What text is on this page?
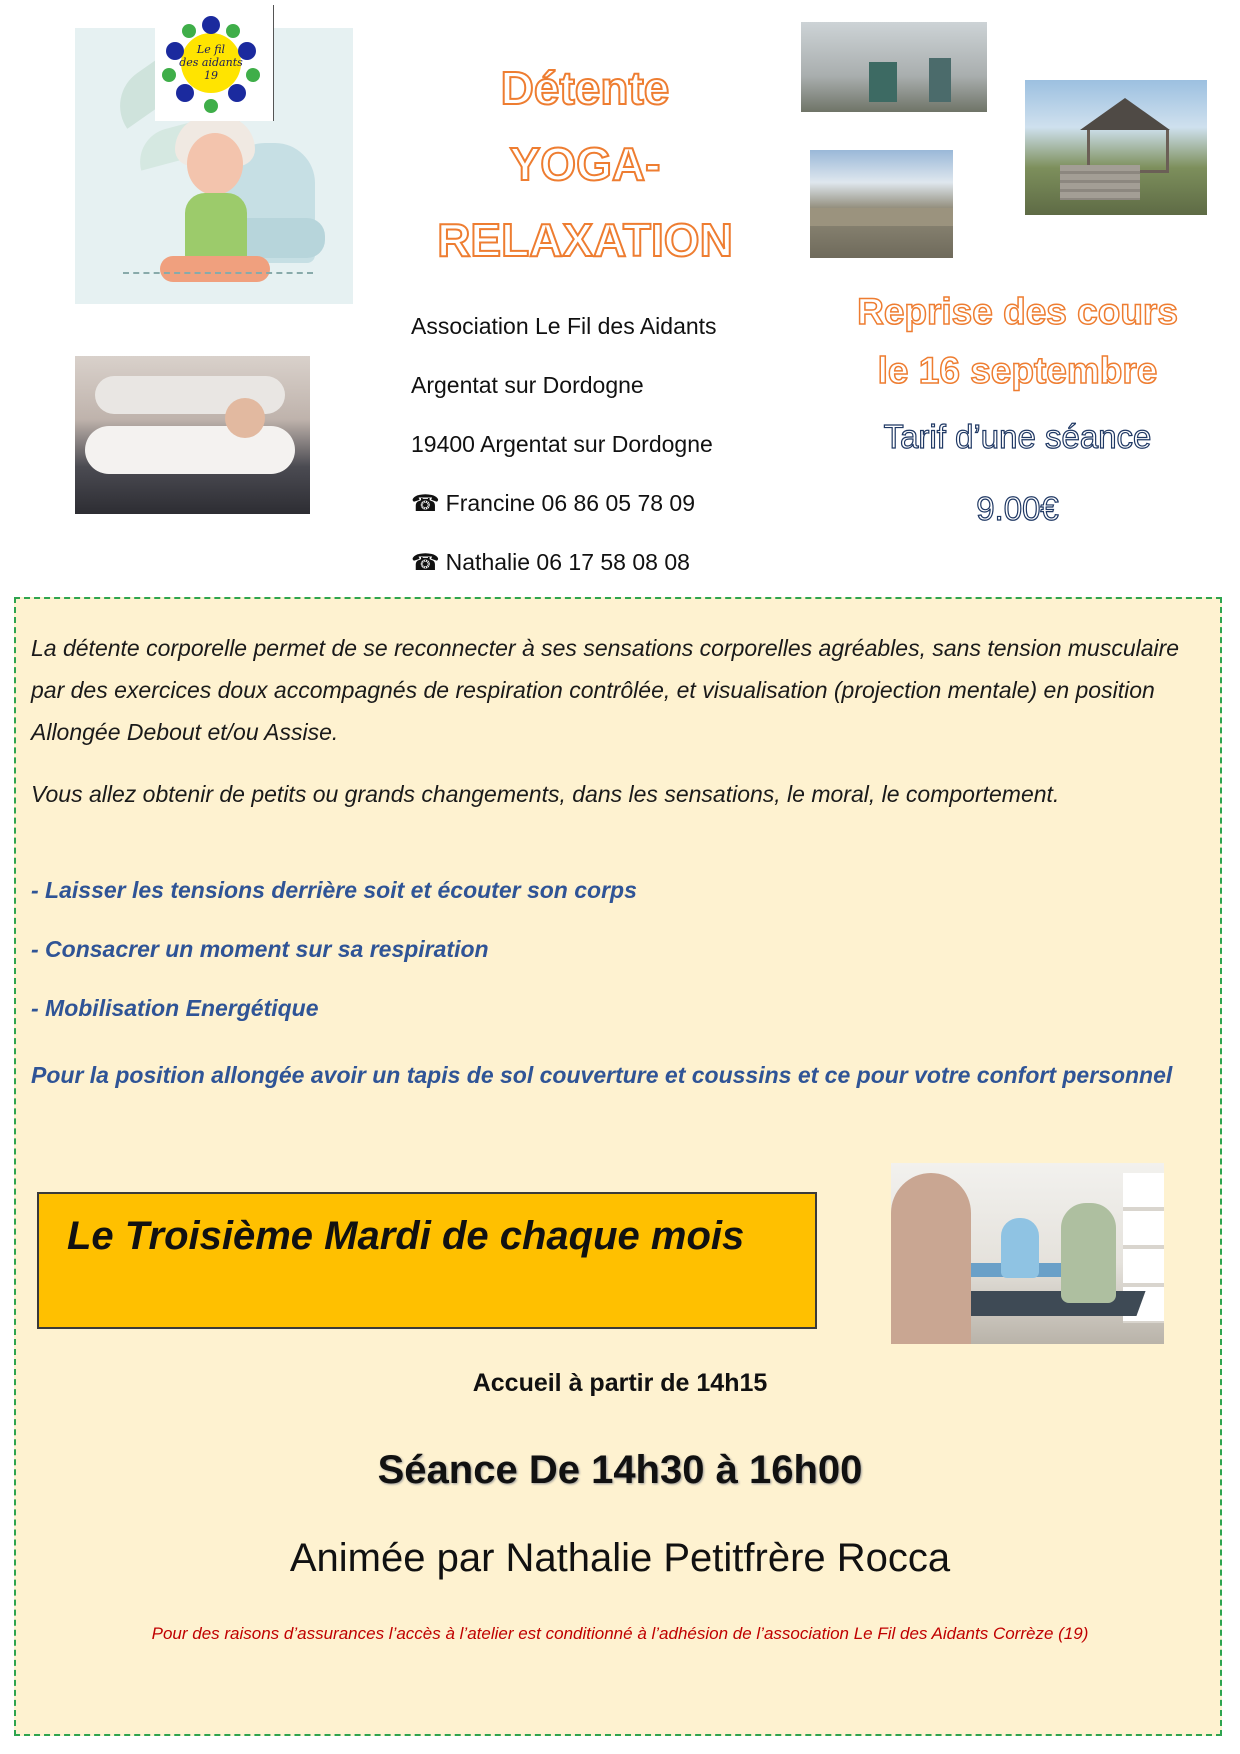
Le fil
des aidants
19	Détente
YOGA-
RELAXATION
Association Le Fil des Aidants
Argentat sur Dordogne
19400 Argentat sur Dordogne
☎ Francine 06 86 05 78 09
☎ Nathalie 06 17 58 08 08
Reprise des cours
le 16 septembre
Tarif d’une séance
9.00€
La détente corporelle permet de se reconnecter à ses sensations corporelles agréables, sans tension musculaire par des exercices doux accompagnés de respiration contrôlée, et visualisation (projection mentale) en position Allongée Debout et/ou Assise.
Vous allez obtenir de petits ou grands changements, dans les sensations, le moral, le comportement.
- Laisser les tensions derrière soit et écouter son corps
- Consacrer un moment sur sa respiration
- Mobilisation Energétique
Pour la position allongée avoir un tapis de sol couverture et coussins et ce pour votre confort personnel
Le Troisième Mardi de chaque mois
Accueil à partir de 14h15
Séance De 14h30 à 16h00
Animée par Nathalie Petitfrère Rocca
Pour des raisons d’assurances l’accès à l’atelier est conditionné à l’adhésion de l’association Le Fil des Aidants Corrèze (19)
